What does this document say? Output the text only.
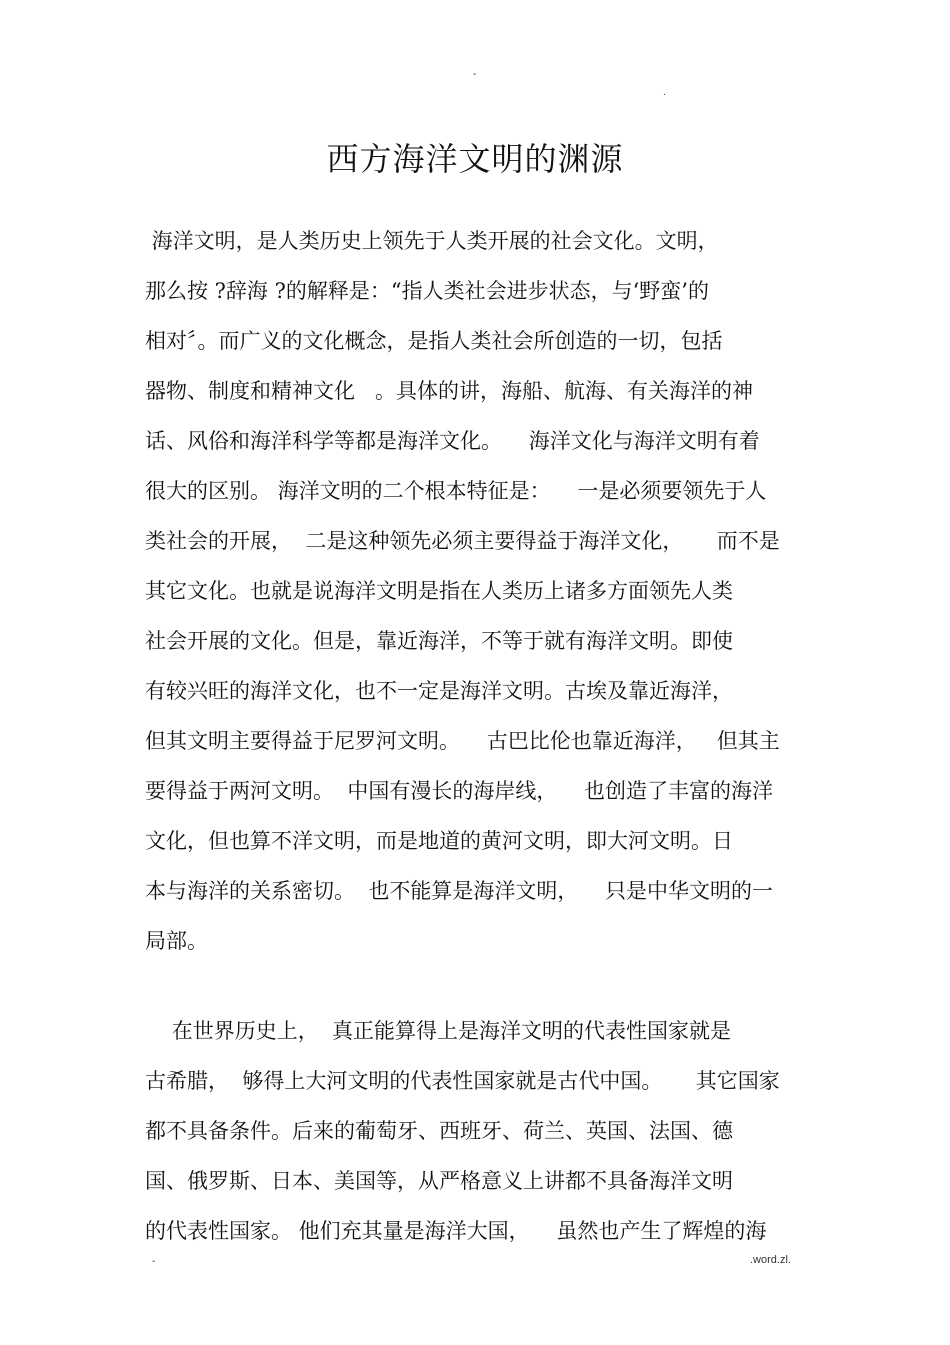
-
.
西方海洋文明的渊源

海洋文明，是人类历史上领先于人类开展的社会文化。文明，
那么按 ?辞海 ?的解释是：“指人类社会进步状态，与‘野蛮’的
相对〞。而广义的文化概念，是指人类社会所创造的一切，包括
器物、制度和精神文化   。具体的讲，海船、航海、有关海洋的神
话、风俗和海洋科学等都是海洋文化。    海洋文化与海洋文明有着
很大的区别。 海洋文明的二个根本特征是：    一是必须要领先于人
类社会的开展，  二是这种领先必须主要得益于海洋文化，     而不是
其它文化。也就是说海洋文明是指在人类历上诸多方面领先人类
社会开展的文化。但是，靠近海洋，不等于就有海洋文明。即使
有较兴旺的海洋文化，也不一定是海洋文明。古埃及靠近海洋，
但其文明主要得益于尼罗河文明。    古巴比伦也靠近海洋，   但其主
要得益于两河文明。  中国有漫长的海岸线，    也创造了丰富的海洋
文化，但也算不洋文明，而是地道的黄河文明，即大河文明。日
本与海洋的关系密切。  也不能算是海洋文明，    只是中华文明的一
局部。

在世界历史上，  真正能算得上是海洋文明的代表性国家就是
古希腊，  够得上大河文明的代表性国家就是古代中国。     其它国家
都不具备条件。后来的葡萄牙、西班牙、荷兰、英国、法国、德
国、俄罗斯、日本、美国等，从严格意义上讲都不具备海洋文明
的代表性国家。 他们充其量是海洋大国，    虽然也产生了辉煌的海

-	.word.zl.
